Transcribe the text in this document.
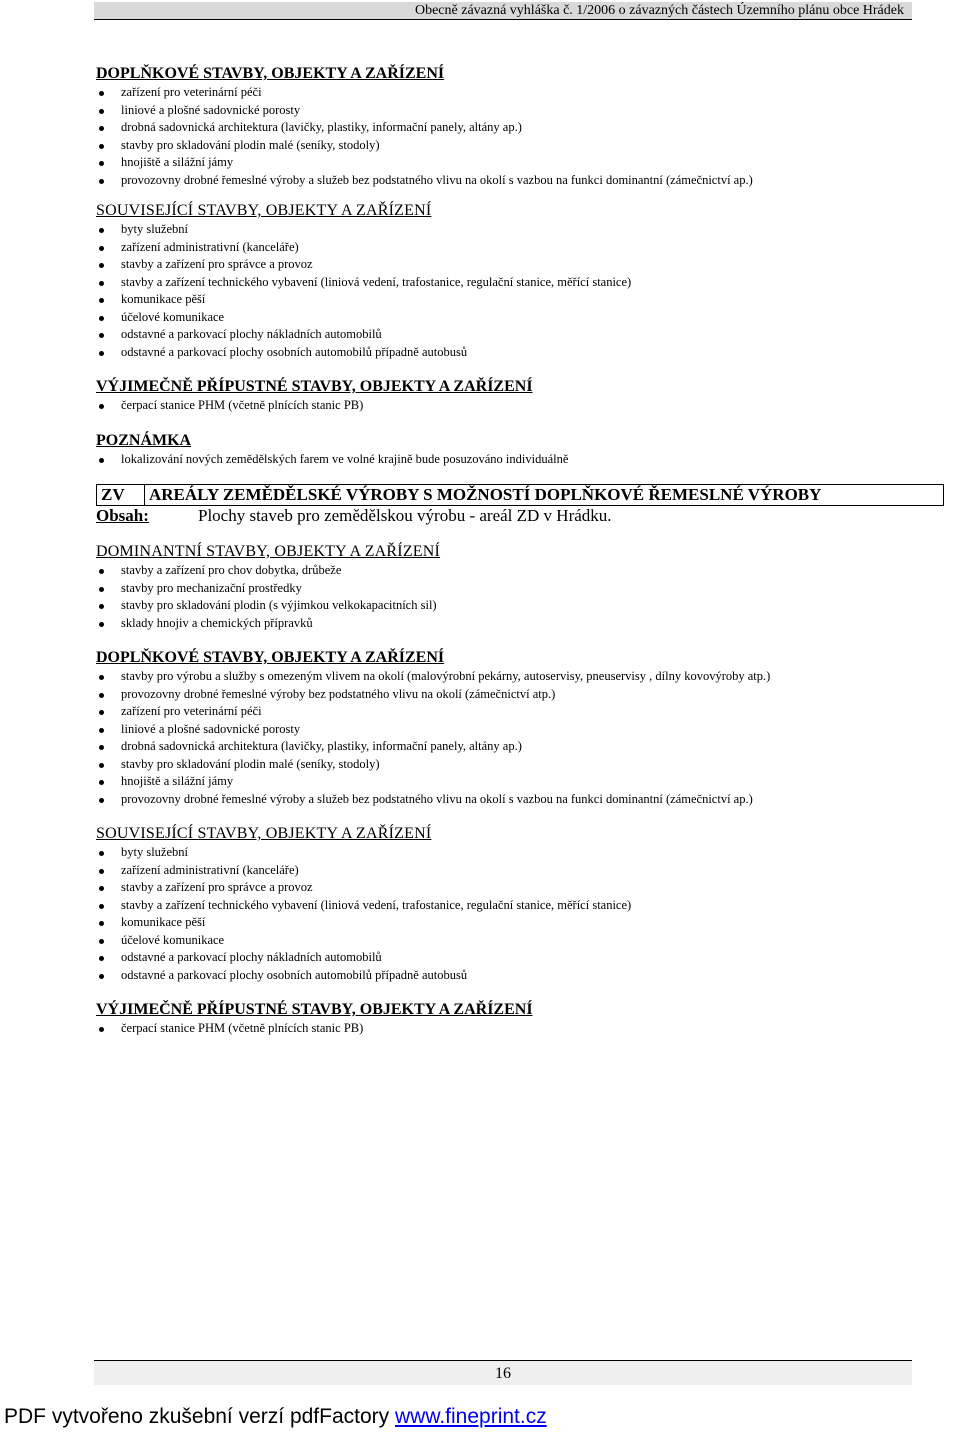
Obecně závazná vyhláška č. 1/2006 o závazných částech Územního plánu obce Hrádek

DOPLŇKOVÉ STAVBY, OBJEKTY A ZAŘÍZENÍ

zařízení pro veterinární péči
liniové a plošné sadovnické porosty
drobná sadovnická architektura (lavičky, plastiky, informační panely, altány ap.)
stavby pro skladování plodin malé (seníky, stodoly)
hnojiště a silážní jámy
provozovny drobné řemeslné výroby a služeb bez podstatného vlivu na okolí s vazbou na funkci dominantní (zámečnictví ap.)

SOUVISEJÍCÍ STAVBY, OBJEKTY A ZAŘÍZENÍ

byty služební
zařízení administrativní (kanceláře)
stavby a zařízení pro správce a provoz
stavby a zařízení technického vybavení (liniová vedení, trafostanice, regulační stanice, měřící stanice)
komunikace pěší
účelové komunikace
odstavné a parkovací plochy nákladních automobilů
odstavné a parkovací plochy osobních automobilů případně autobusů

VÝJIMEČNĚ PŘÍPUSTNÉ STAVBY, OBJEKTY A ZAŘÍZENÍ

čerpací stanice PHM (včetně plnících stanic PB)

POZNÁMKA

lokalizování nových zemědělských farem ve volné krajině bude posuzováno individuálně
ZV	AREÁLY ZEMĚDĚLSKÉ VÝROBY S MOŽNOSTÍ DOPLŇKOVÉ ŘEMESLNÉ VÝROBY
Obsah:	Plochy staveb pro zemědělskou výrobu - areál ZD v Hrádku.

DOMINANTNÍ STAVBY, OBJEKTY A ZAŘÍZENÍ

stavby a zařízení pro chov dobytka, drůbeže
stavby pro mechanizační prostředky
stavby pro skladování plodin (s výjimkou velkokapacitních sil)
sklady hnojiv a chemických přípravků

DOPLŇKOVÉ STAVBY, OBJEKTY A ZAŘÍZENÍ

stavby pro výrobu a služby s omezeným vlivem na okolí (malovýrobní pekárny, autoservisy, pneuservisy , dílny kovovýroby atp.)
provozovny drobné řemeslné výroby bez podstatného vlivu na okolí (zámečnictví atp.)
zařízení pro veterinární péči
liniové a plošné sadovnické porosty
drobná sadovnická architektura (lavičky, plastiky, informační panely, altány ap.)
stavby pro skladování plodin malé (seníky, stodoly)
hnojiště a silážní jámy
provozovny drobné řemeslné výroby a služeb bez podstatného vlivu na okolí s vazbou na funkci dominantní (zámečnictví ap.)

SOUVISEJÍCÍ STAVBY, OBJEKTY A ZAŘÍZENÍ

byty služební
zařízení administrativní (kanceláře)
stavby a zařízení pro správce a provoz
stavby a zařízení technického vybavení (liniová vedení, trafostanice, regulační stanice, měřící stanice)
komunikace pěší
účelové komunikace
odstavné a parkovací plochy nákladních automobilů
odstavné a parkovací plochy osobních automobilů případně autobusů

VÝJIMEČNĚ PŘÍPUSTNÉ STAVBY, OBJEKTY A ZAŘÍZENÍ

čerpací stanice PHM (včetně plnících stanic PB)
16
PDF vytvořeno zkušební verzí pdfFactory www.fineprint.cz
